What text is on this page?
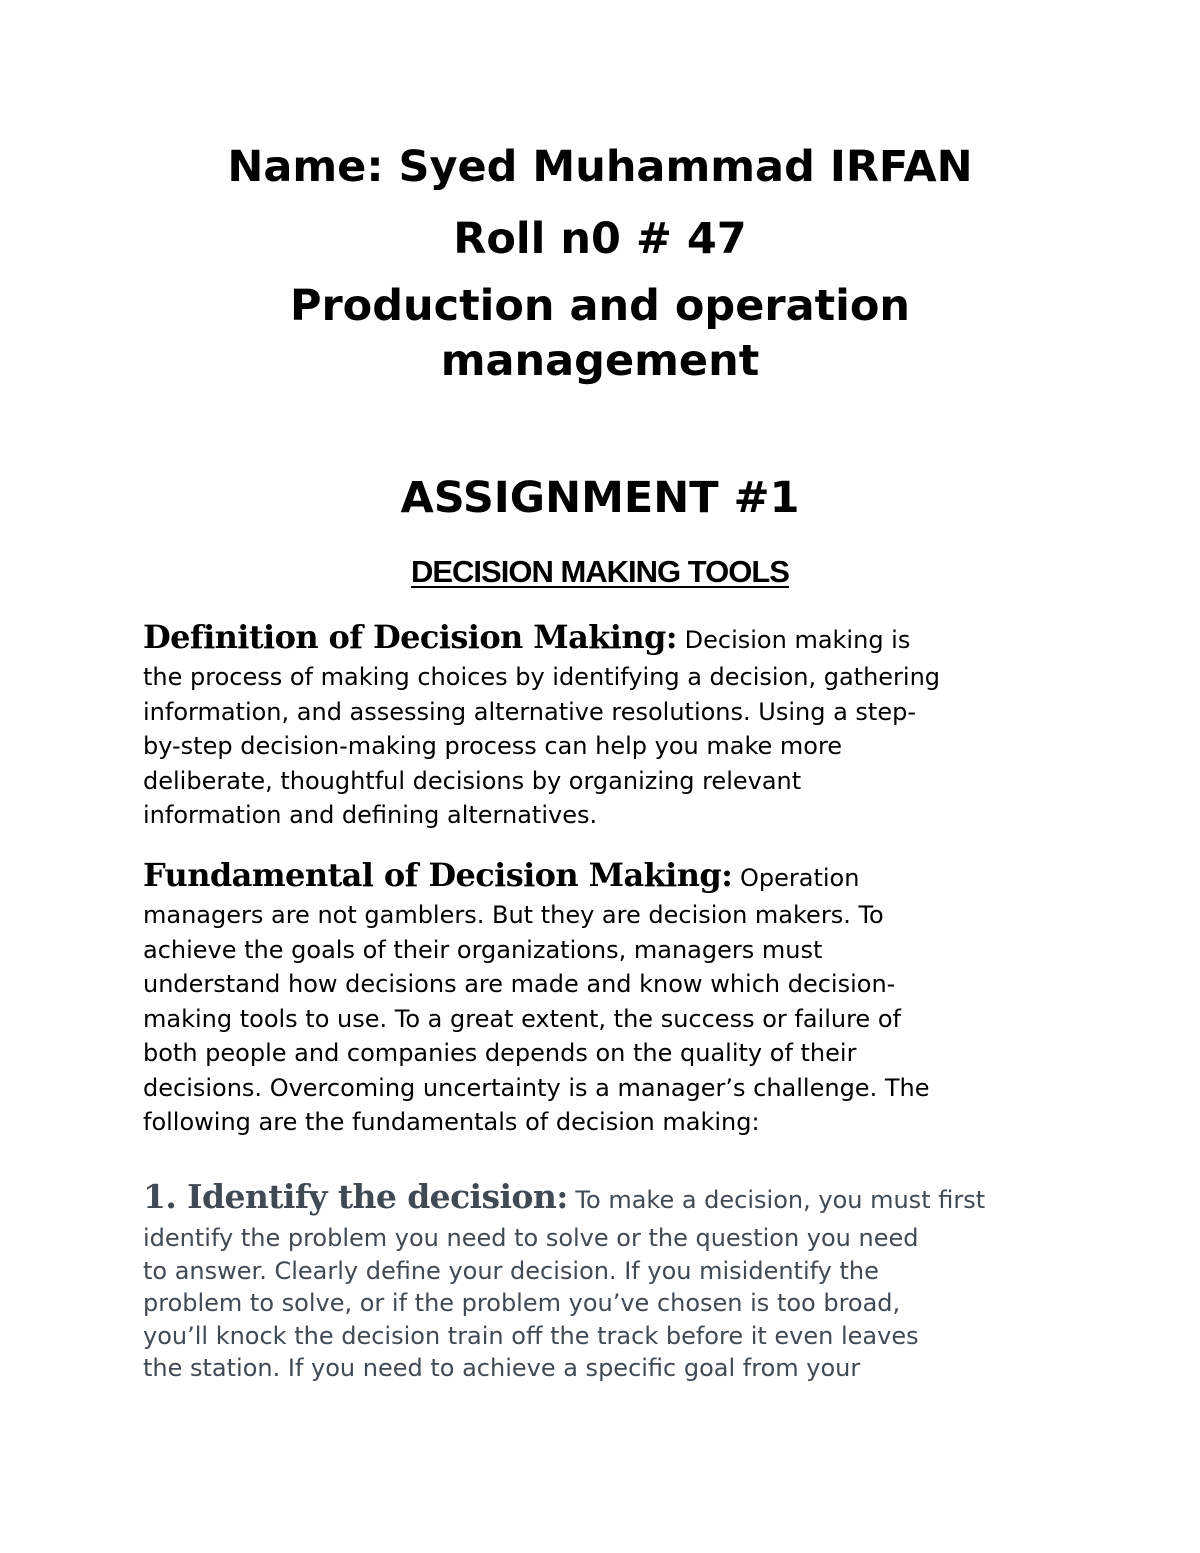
Name: Syed Muhammad IRFAN
Roll n0 # 47
Production and operation
management
ASSIGNMENT #1
DECISION MAKING TOOLS
Definition of Decision Making: Decision making is
the process of making choices by identifying a decision, gathering
information, and assessing alternative resolutions. Using a step-
by-step decision-making process can help you make more
deliberate, thoughtful decisions by organizing relevant
information and defining alternatives.
Fundamental of Decision Making: Operation
managers are not gamblers. But they are decision makers. To
achieve the goals of their organizations, managers must
understand how decisions are made and know which decision-
making tools to use. To a great extent, the success or failure of
both people and companies depends on the quality of their
decisions. Overcoming uncertainty is a manager’s challenge. The
following are the fundamentals of decision making:
1. Identify the decision: To make a decision, you must first
identify the problem you need to solve or the question you need
to answer. Clearly define your decision. If you misidentify the
problem to solve, or if the problem you’ve chosen is too broad,
you’ll knock the decision train off the track before it even leaves
the station. If you need to achieve a specific goal from your
